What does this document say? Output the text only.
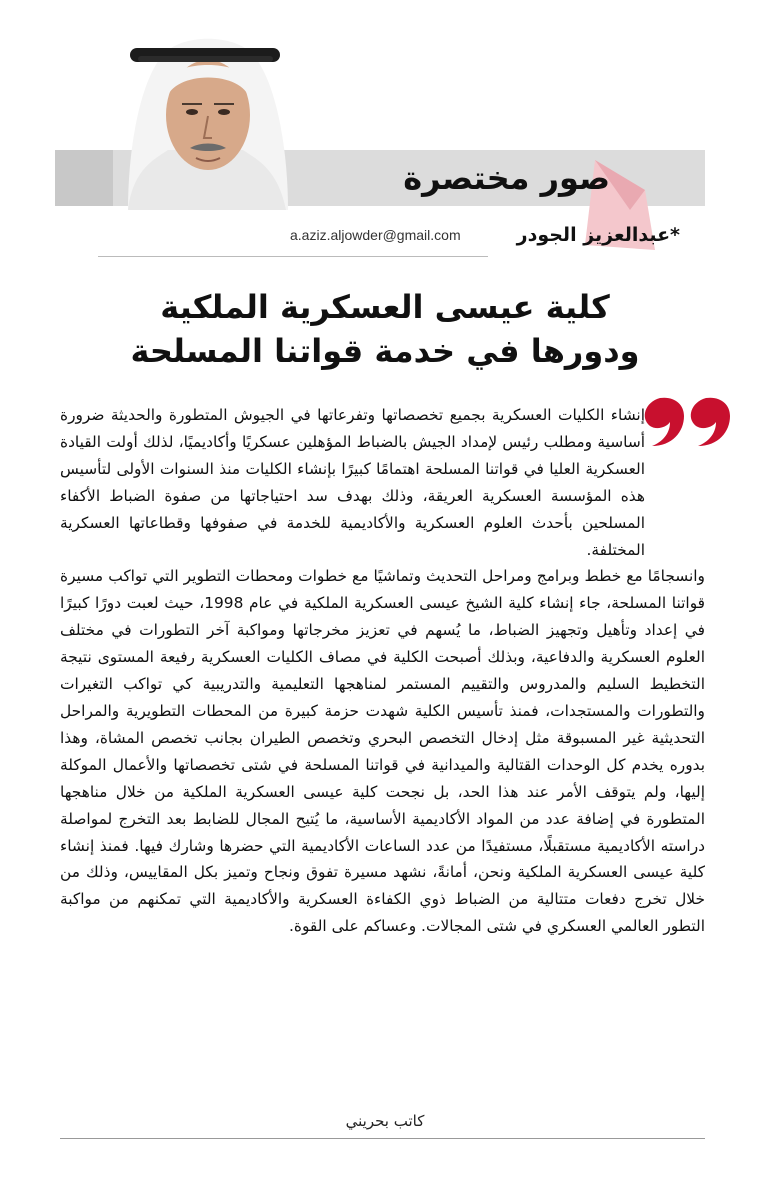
صور مختصرة
*عبدالعزيز الجودر
a.aziz.aljowder@gmail.com
كلية عيسى العسكرية الملكية
ودورها في خدمة قواتنا المسلحة

إنشاء الكليات العسكرية بجميع تخصصاتها وتفرعاتها في الجيوش المتطورة والحديثة ضرورة أساسية ومطلب رئيس لإمداد الجيش بالضباط المؤهلين عسكريًا وأكاديميًا، لذلك أولت القيادة العسكرية العليا في قواتنا المسلحة اهتمامًا كبيرًا بإنشاء الكليات منذ السنوات الأولى لتأسيس هذه المؤسسة العسكرية العريقة، وذلك بهدف سد احتياجاتها من صفوة الضباط الأكفاء المسلحين بأحدث العلوم العسكرية والأكاديمية للخدمة في صفوفها وقطاعاتها العسكرية المختلفة.

وانسجامًا مع خطط وبرامج ومراحل التحديث وتماشيًا مع خطوات ومحطات التطوير التي تواكب مسيرة قواتنا المسلحة، جاء إنشاء كلية الشيخ عيسى العسكرية الملكية في عام 1998، حيث لعبت دورًا كبيرًا في إعداد وتأهيل وتجهيز الضباط، ما يُسهم في تعزيز مخرجاتها ومواكبة آخر التطورات في مختلف العلوم العسكرية والدفاعية، وبذلك أصبحت الكلية في مصاف الكليات العسكرية رفيعة المستوى نتيجة التخطيط السليم والمدروس والتقييم المستمر لمناهجها التعليمية والتدريبية كي تواكب التغيرات والتطورات والمستجدات، فمنذ تأسيس الكلية شهدت حزمة كبيرة من المحطات التطويرية والمراحل التحديثية غير المسبوقة مثل إدخال التخصص البحري وتخصص الطيران بجانب تخصص المشاة، وهذا بدوره يخدم كل الوحدات القتالية والميدانية في قواتنا المسلحة في شتى تخصصاتها والأعمال الموكلة إليها، ولم يتوقف الأمر عند هذا الحد، بل نجحت كلية عيسى العسكرية الملكية من خلال مناهجها المتطورة في إضافة عدد من المواد الأكاديمية الأساسية، ما يُتيح المجال للضابط بعد التخرج لمواصلة دراسته الأكاديمية مستقبلًا، مستفيدًا من عدد الساعات الأكاديمية التي حضرها وشارك فيها. فمنذ إنشاء كلية عيسى العسكرية الملكية ونحن، أمانةً، نشهد مسيرة تفوق ونجاح وتميز بكل المقاييس، وذلك من خلال تخرج دفعات متتالية من الضباط ذوي الكفاءة العسكرية والأكاديمية التي تمكنهم من مواكبة التطور العالمي العسكري في شتى المجالات. وعساكم على القوة.

كاتب بحريني
